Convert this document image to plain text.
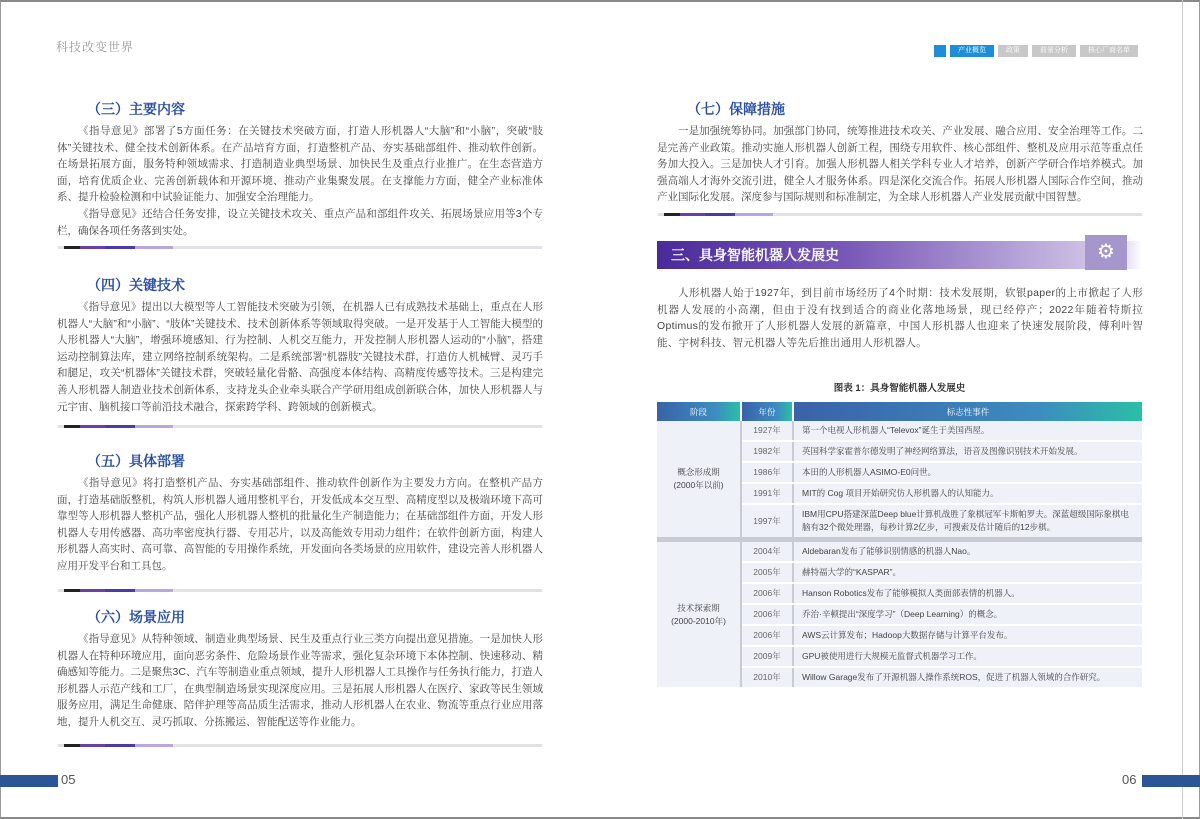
科技改变世界	产业概览	政策	前景分析	核心厂商名单
（三）主要内容

《指导意见》部署了5方面任务：在关键技术突破方面，打造人形机器人“大脑”和“小脑”，突破“肢体”关键技术、健全技术创新体系。在产品培育方面，打造整机产品、夯实基础部组件、推动软件创新。在场景拓展方面，服务特种领域需求、打造制造业典型场景、加快民生及重点行业推广。在生态营造方面，培育优质企业、完善创新载体和开源环境、推动产业集聚发展。在支撑能力方面，健全产业标准体系、提升检验检测和中试验证能力、加强安全治理能力。

《指导意见》还结合任务安排，设立关键技术攻关、重点产品和部组件攻关、拓展场景应用等3个专栏，确保各项任务落到实处。

（四）关键技术

《指导意见》提出以大模型等人工智能技术突破为引领，在机器人已有成熟技术基础上，重点在人形机器人“大脑”和“小脑”、“肢体”关键技术、技术创新体系等领域取得突破。一是开发基于人工智能大模型的人形机器人“大脑”，增强环境感知、行为控制、人机交互能力，开发控制人形机器人运动的“小脑”，搭建运动控制算法库，建立网络控制系统架构。二是系统部署“机器肢”关键技术群，打造仿人机械臂、灵巧手和腿足，攻关“机器体”关键技术群，突破轻量化骨骼、高强度本体结构、高精度传感等技术。三是构建完善人形机器人制造业技术创新体系，支持龙头企业牵头联合产学研用组成创新联合体，加快人形机器人与元宇宙、脑机接口等前沿技术融合，探索跨学科、跨领域的创新模式。

（五）具体部署

《指导意见》将打造整机产品、夯实基础部组件、推动软件创新作为主要发力方向。在整机产品方面，打造基础版整机，构筑人形机器人通用整机平台，开发低成本交互型、高精度型以及极端环境下高可靠型等人形机器人整机产品，强化人形机器人整机的批量化生产制造能力；在基础部组件方面，开发人形机器人专用传感器、高功率密度执行器、专用芯片，以及高能效专用动力组件；在软件创新方面，构建人形机器人高实时、高可靠、高智能的专用操作系统，开发面向各类场景的应用软件，建设完善人形机器人应用开发平台和工具包。

（六）场景应用

《指导意见》从特种领域、制造业典型场景、民生及重点行业三类方向提出意见措施。一是加快人形机器人在特种环境应用，面向恶劣条件、危险场景作业等需求，强化复杂环境下本体控制、快速移动、精确感知等能力。二是聚焦3C、汽车等制造业重点领域，提升人形机器人工具操作与任务执行能力，打造人形机器人示范产线和工厂，在典型制造场景实现深度应用。三是拓展人形机器人在医疗、家政等民生领域服务应用，满足生命健康、陪伴护理等高品质生活需求，推动人形机器人在农业、物流等重点行业应用落地，提升人机交互、灵巧抓取、分拣搬运、智能配送等作业能力。

（七）保障措施

一是加强统筹协同。加强部门协同，统筹推进技术攻关、产业发展、融合应用、安全治理等工作。二是完善产业政策。推动实施人形机器人创新工程，围绕专用软件、核心部组件、整机及应用示范等重点任务加大投入。三是加快人才引育。加强人形机器人相关学科专业人才培养，创新产学研合作培养模式。加强高端人才海外交流引进，健全人才服务体系。四是深化交流合作。拓展人形机器人国际合作空间，推动产业国际化发展。深度参与国际规则和标准制定，为全球人形机器人产业发展贡献中国智慧。

三、具身智能机器人发展史	⚙

人形机器人始于1927年，到目前市场经历了4个时期：技术发展期，软银paper的上市掀起了人形机器人发展的小高潮，但由于没有找到适合的商业化落地场景，现已经停产；2022年随着特斯拉Optimus的发布掀开了人形机器人发展的新篇章，中国人形机器人也迎来了快速发展阶段，傅利叶智能、宇树科技、智元机器人等先后推出通用人形机器人。

图表 1：具身智能机器人发展史
阶段	年份	标志性事件
概念形成期
(2000年以前)	1927年	第一个电视人形机器人“Televox”诞生于美国西屋。
	1982年	英国科学家霍普尔德发明了神经网络算法，语音及图像识别技术开始发展。
	1986年	本田的人形机器人ASIMO-E0问世。
	1991年	MIT的 Cog 项目开始研究仿人形机器人的认知能力。
	1997年	IBM用CPU搭建深蓝Deep blue计算机战胜了象棋冠军卡斯帕罗夫。深蓝超级国际象棋电脑有32个微处理器，每秒计算2亿步，可搜索及估计随后的12步棋。
技术探索期
(2000-2010年)	2004年	Aldebaran发布了能够识别情感的机器人Nao。
	2005年	赫特福大学的“KASPAR”。
	2006年	Hanson Robotics发布了能够模拟人类面部表情的机器人。
	2006年	乔治·辛顿提出“深度学习”（Deep Learning）的概念。
	2006年	AWS云计算发布；Hadoop大数据存储与计算平台发布。
	2009年	GPU被使用进行大规模无监督式机器学习工作。
	2010年	Willow Garage发布了开源机器人操作系统ROS，促进了机器人领域的合作研究。
05	06
